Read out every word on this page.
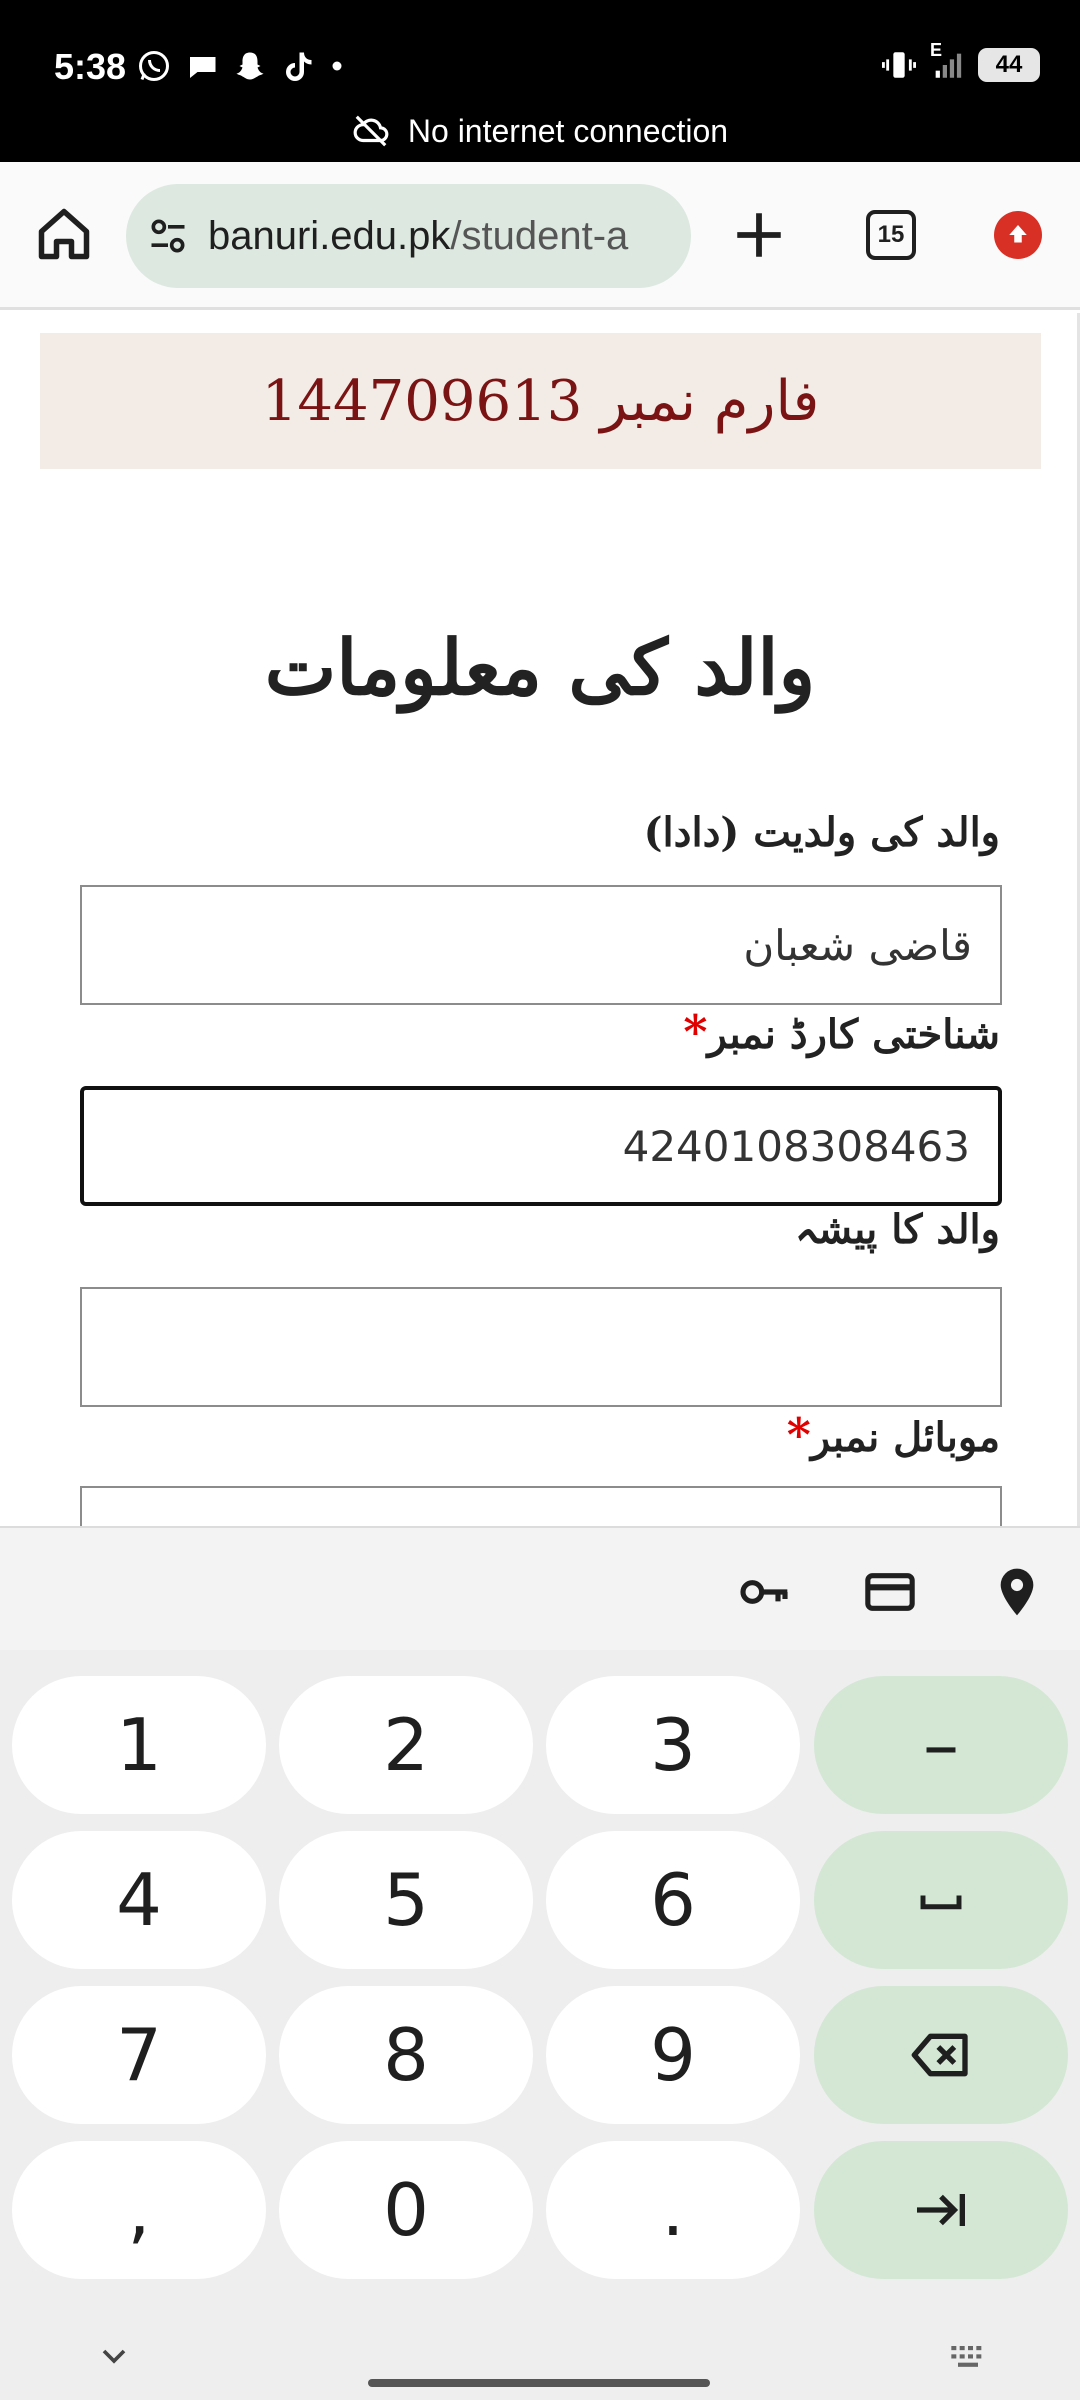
5:38	E
44
No internet connection
banuri.edu.pk/student-a	15
فارم نمبر 144709613
والد کی معلومات
والد کی ولدیت (دادا)
قاضی شعبان
شناختی کارڈ نمبر*
4240108308463
والد کا پیشہ
موبائل نمبر*
1	2	3	–
4	5	6
7	8	9
,	0	.
